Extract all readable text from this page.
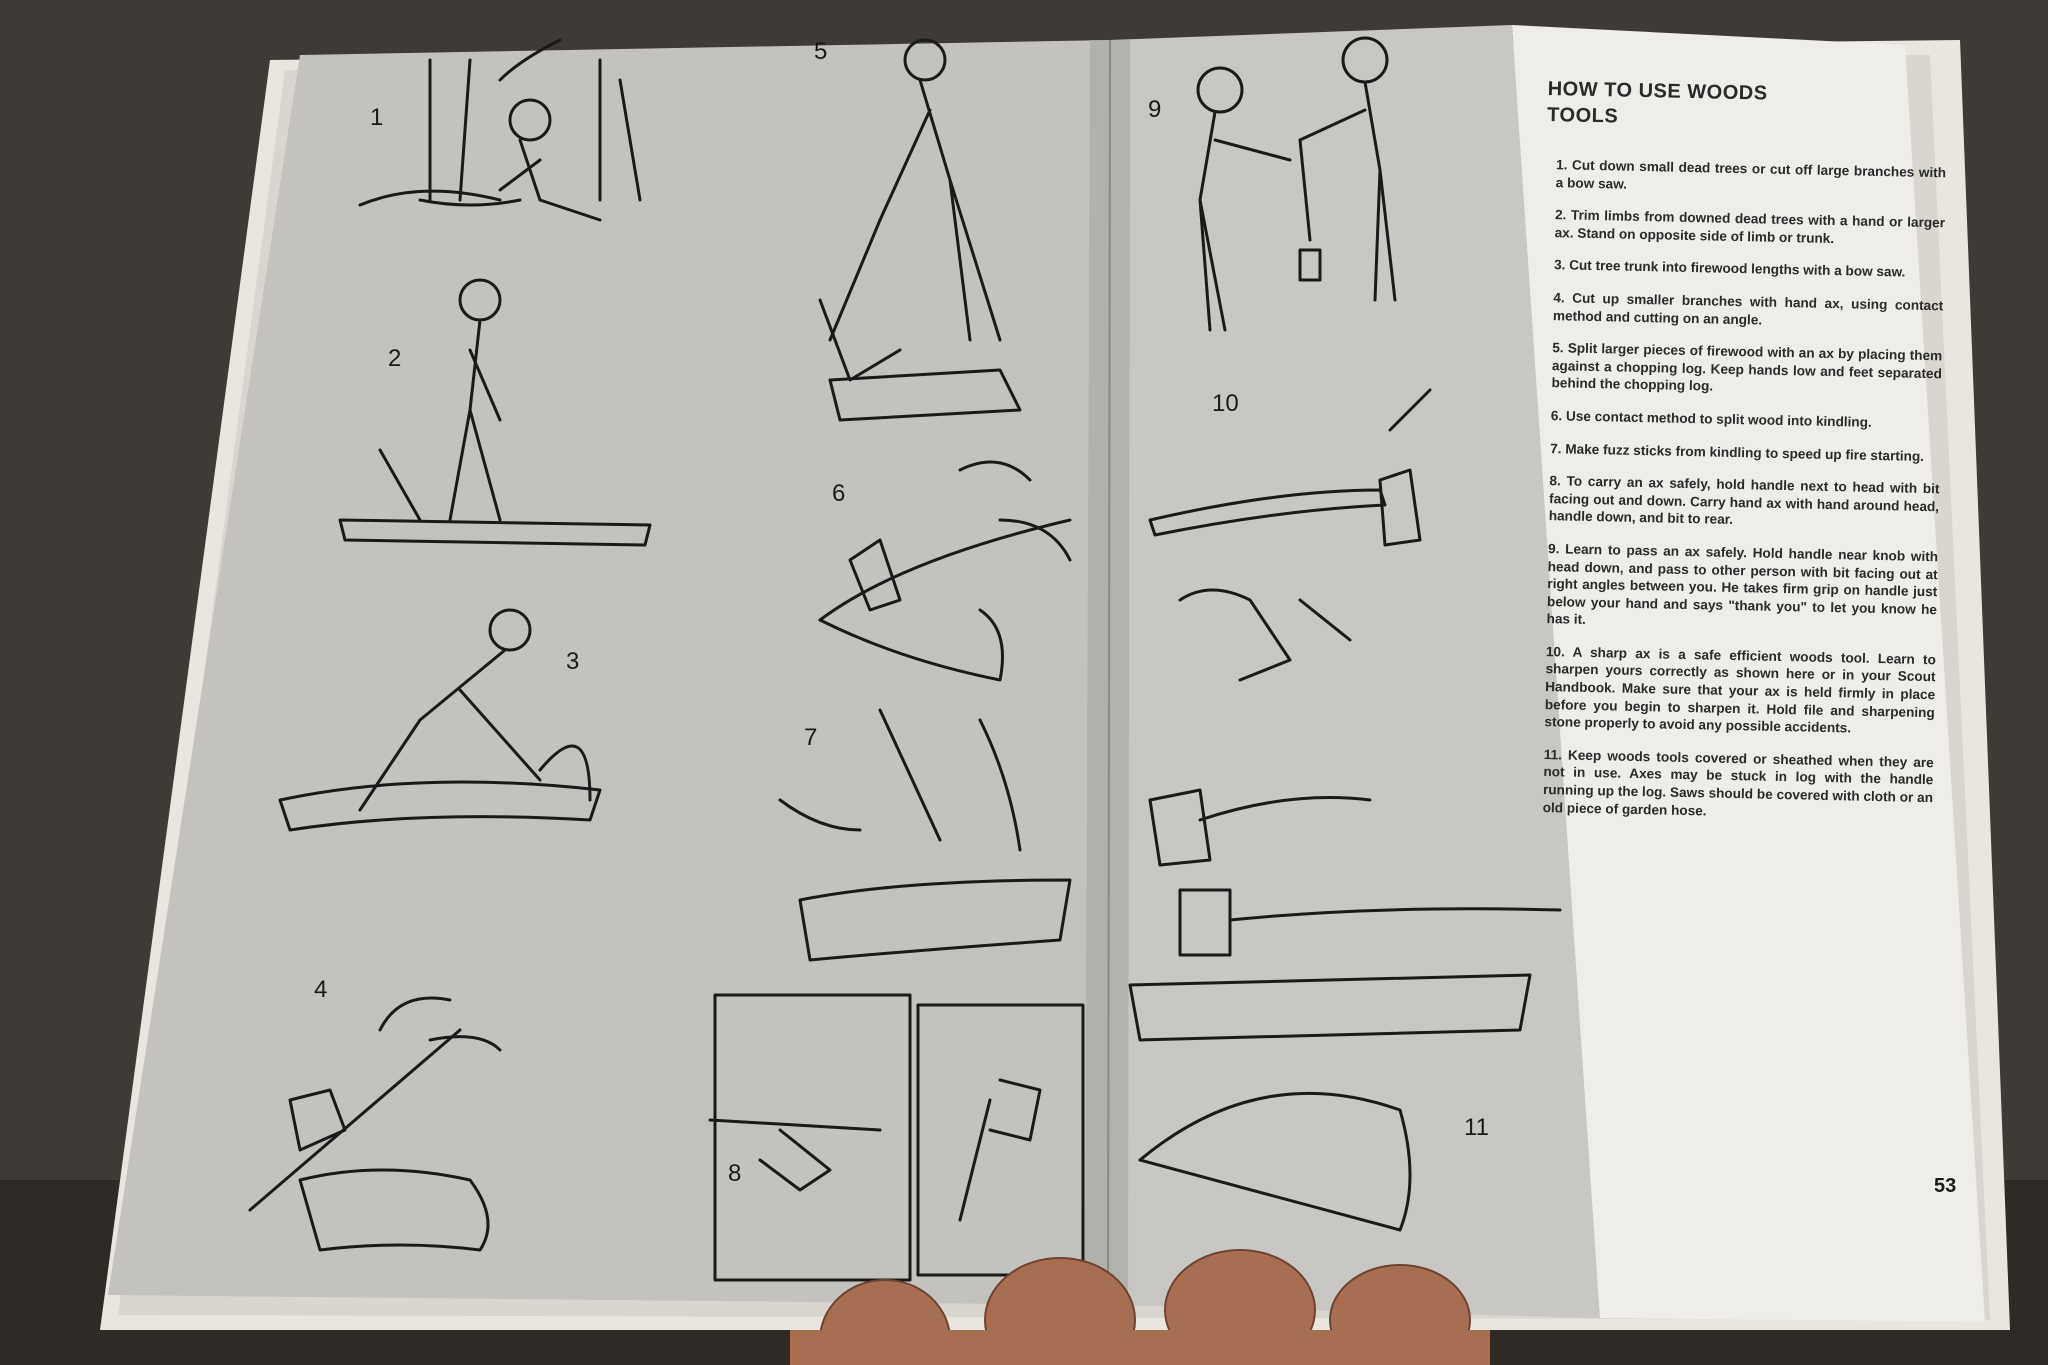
1
2
3
4
5
6
7
8
9
10
11
HOW TO USE WOODS TOOLS
1. Cut down small dead trees or cut off large branches with a bow saw.
2. Trim limbs from downed dead trees with a hand or larger ax. Stand on opposite side of limb or trunk.
3. Cut tree trunk into firewood lengths with a bow saw.
4. Cut up smaller branches with hand ax, using contact method and cutting on an angle.
5. Split larger pieces of firewood with an ax by placing them against a chopping log. Keep hands low and feet separated behind the chopping log.
6. Use contact method to split wood into kindling.
7. Make fuzz sticks from kindling to speed up fire starting.
8. To carry an ax safely, hold handle next to head with bit facing out and down. Carry hand ax with hand around head, handle down, and bit to rear.
9. Learn to pass an ax safely. Hold handle near knob with head down, and pass to other person with bit facing out at right angles between you. He takes firm grip on handle just below your hand and says "thank you" to let you know he has it.
10. A sharp ax is a safe efficient woods tool. Learn to sharpen yours correctly as shown here or in your Scout Handbook. Make sure that your ax is held firmly in place before you begin to sharpen it. Hold file and sharpening stone properly to avoid any possible accidents.
11. Keep woods tools covered or sheathed when they are not in use. Axes may be stuck in log with the handle running up the log. Saws should be covered with cloth or an old piece of garden hose.
53
